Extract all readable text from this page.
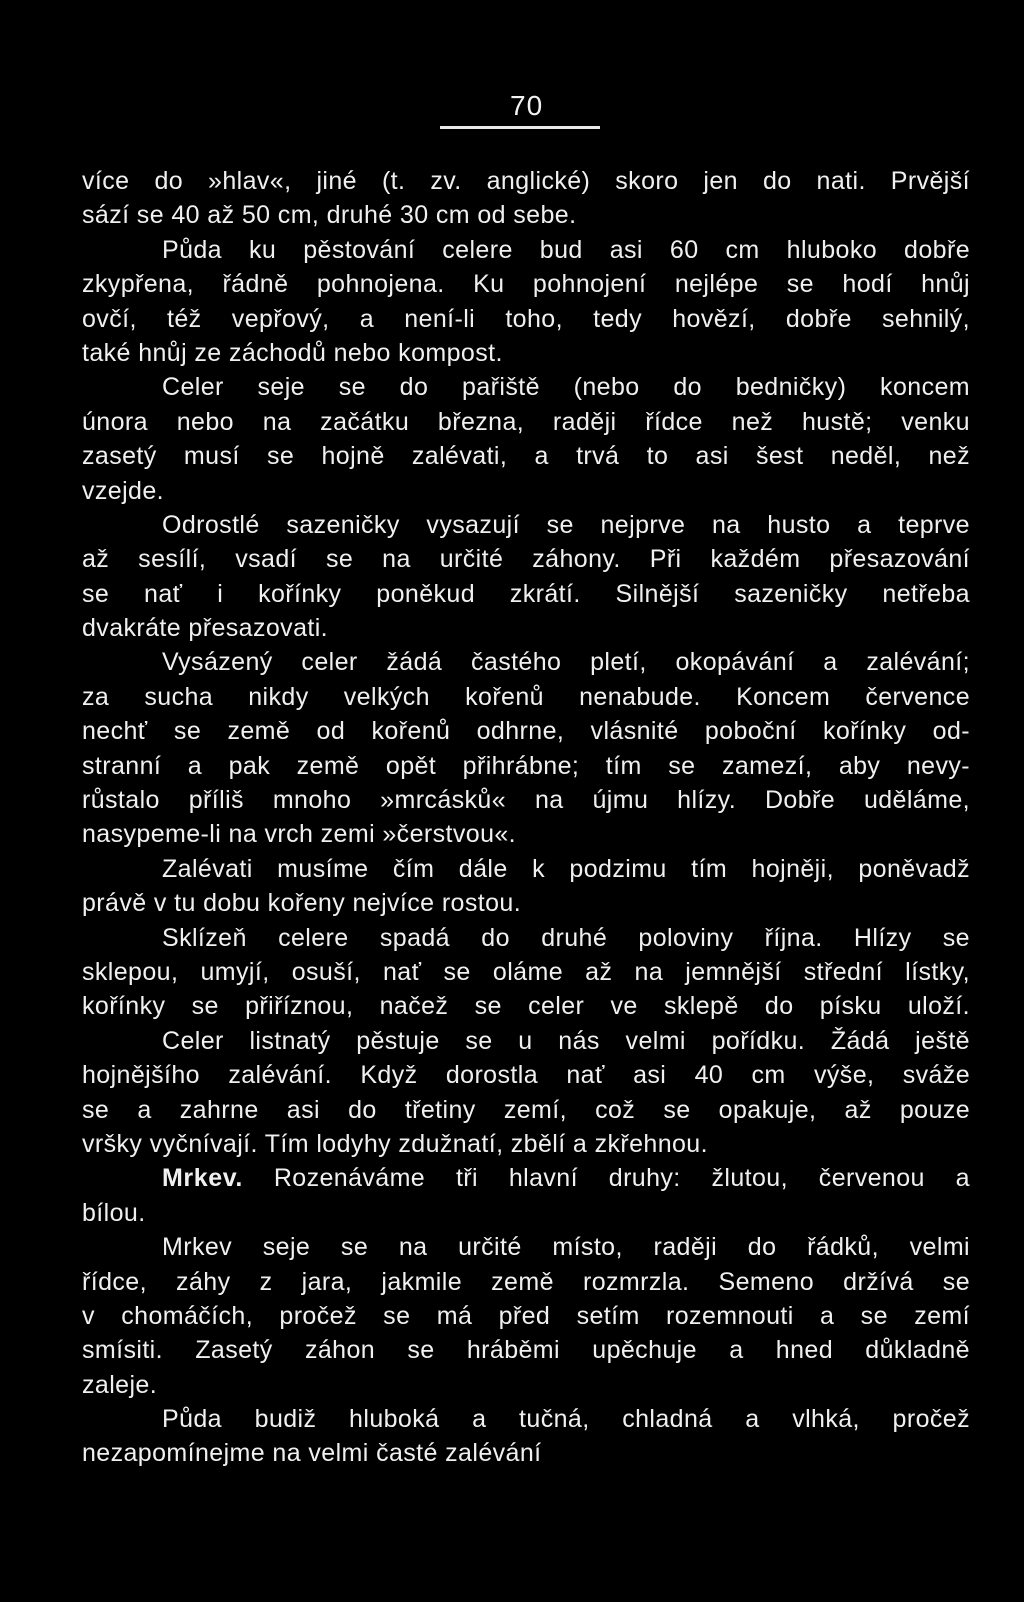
70
více do »hlav«, jiné (t. zv. anglické) skoro jen do nati. Prvější
sází se 40 až 50 cm, druhé 30 cm od sebe.
Půda ku pěstování celere bud asi 60 cm hluboko dobře
zkypřena, řádně pohnojena. Ku pohnojení nejlépe se hodí hnůj
ovčí, též vepřový, a není-li toho, tedy hovězí, dobře sehnilý,
také hnůj ze záchodů nebo kompost.
Celer seje se do pařiště (nebo do bedničky) koncem
února nebo na začátku března, raději řídce než hustě; venku
zasetý musí se hojně zalévati, a trvá to asi šest neděl, než
vzejde.
Odrostlé sazeničky vysazují se nejprve na husto a teprve
až sesílí, vsadí se na určité záhony. Při každém přesazování
se nať i kořínky poněkud zkrátí. Silnější sazeničky netřeba
dvakráte přesazovati.
Vysázený celer žádá častého pletí, okopávání a zalévání;
za sucha nikdy velkých kořenů nenabude. Koncem července
nechť se země od kořenů odhrne, vlásnité poboční kořínky od-
stranní a pak země opět přihrábne; tím se zamezí, aby nevy-
růstalo příliš mnoho »mrcásků« na újmu hlízy. Dobře uděláme,
nasypeme-li na vrch zemi »čerstvou«.
Zalévati musíme čím dále k podzimu tím hojněji, poněvadž
právě v tu dobu kořeny nejvíce rostou.
Sklízeň celere spadá do druhé poloviny října. Hlízy se
sklepou, umyjí, osuší, nať se oláme až na jemnější střední lístky,
kořínky se přiříznou, načež se celer ve sklepě do písku uloží.
Celer listnatý pěstuje se u nás velmi pořídku. Žádá ještě
hojnějšího zalévání. Když dorostla nať asi 40 cm výše, sváže
se a zahrne asi do třetiny zemí, což se opakuje, až pouze
vršky vyčnívají. Tím lodyhy zdužnatí, zbělí a zkřehnou.
Mrkev. Rozenáváme tři hlavní druhy: žlutou, červenou a
bílou.
Mrkev seje se na určité místo, raději do řádků, velmi
řídce, záhy z jara, jakmile země rozmrzla. Semeno držívá se
v chomáčích, pročež se má před setím rozemnouti a se zemí
smísiti. Zasetý záhon se hráběmi upěchuje a hned důkladně
zaleje.
Půda budiž hluboká a tučná, chladná a vlhká, pročež
nezapomínejme na velmi časté zalévání
